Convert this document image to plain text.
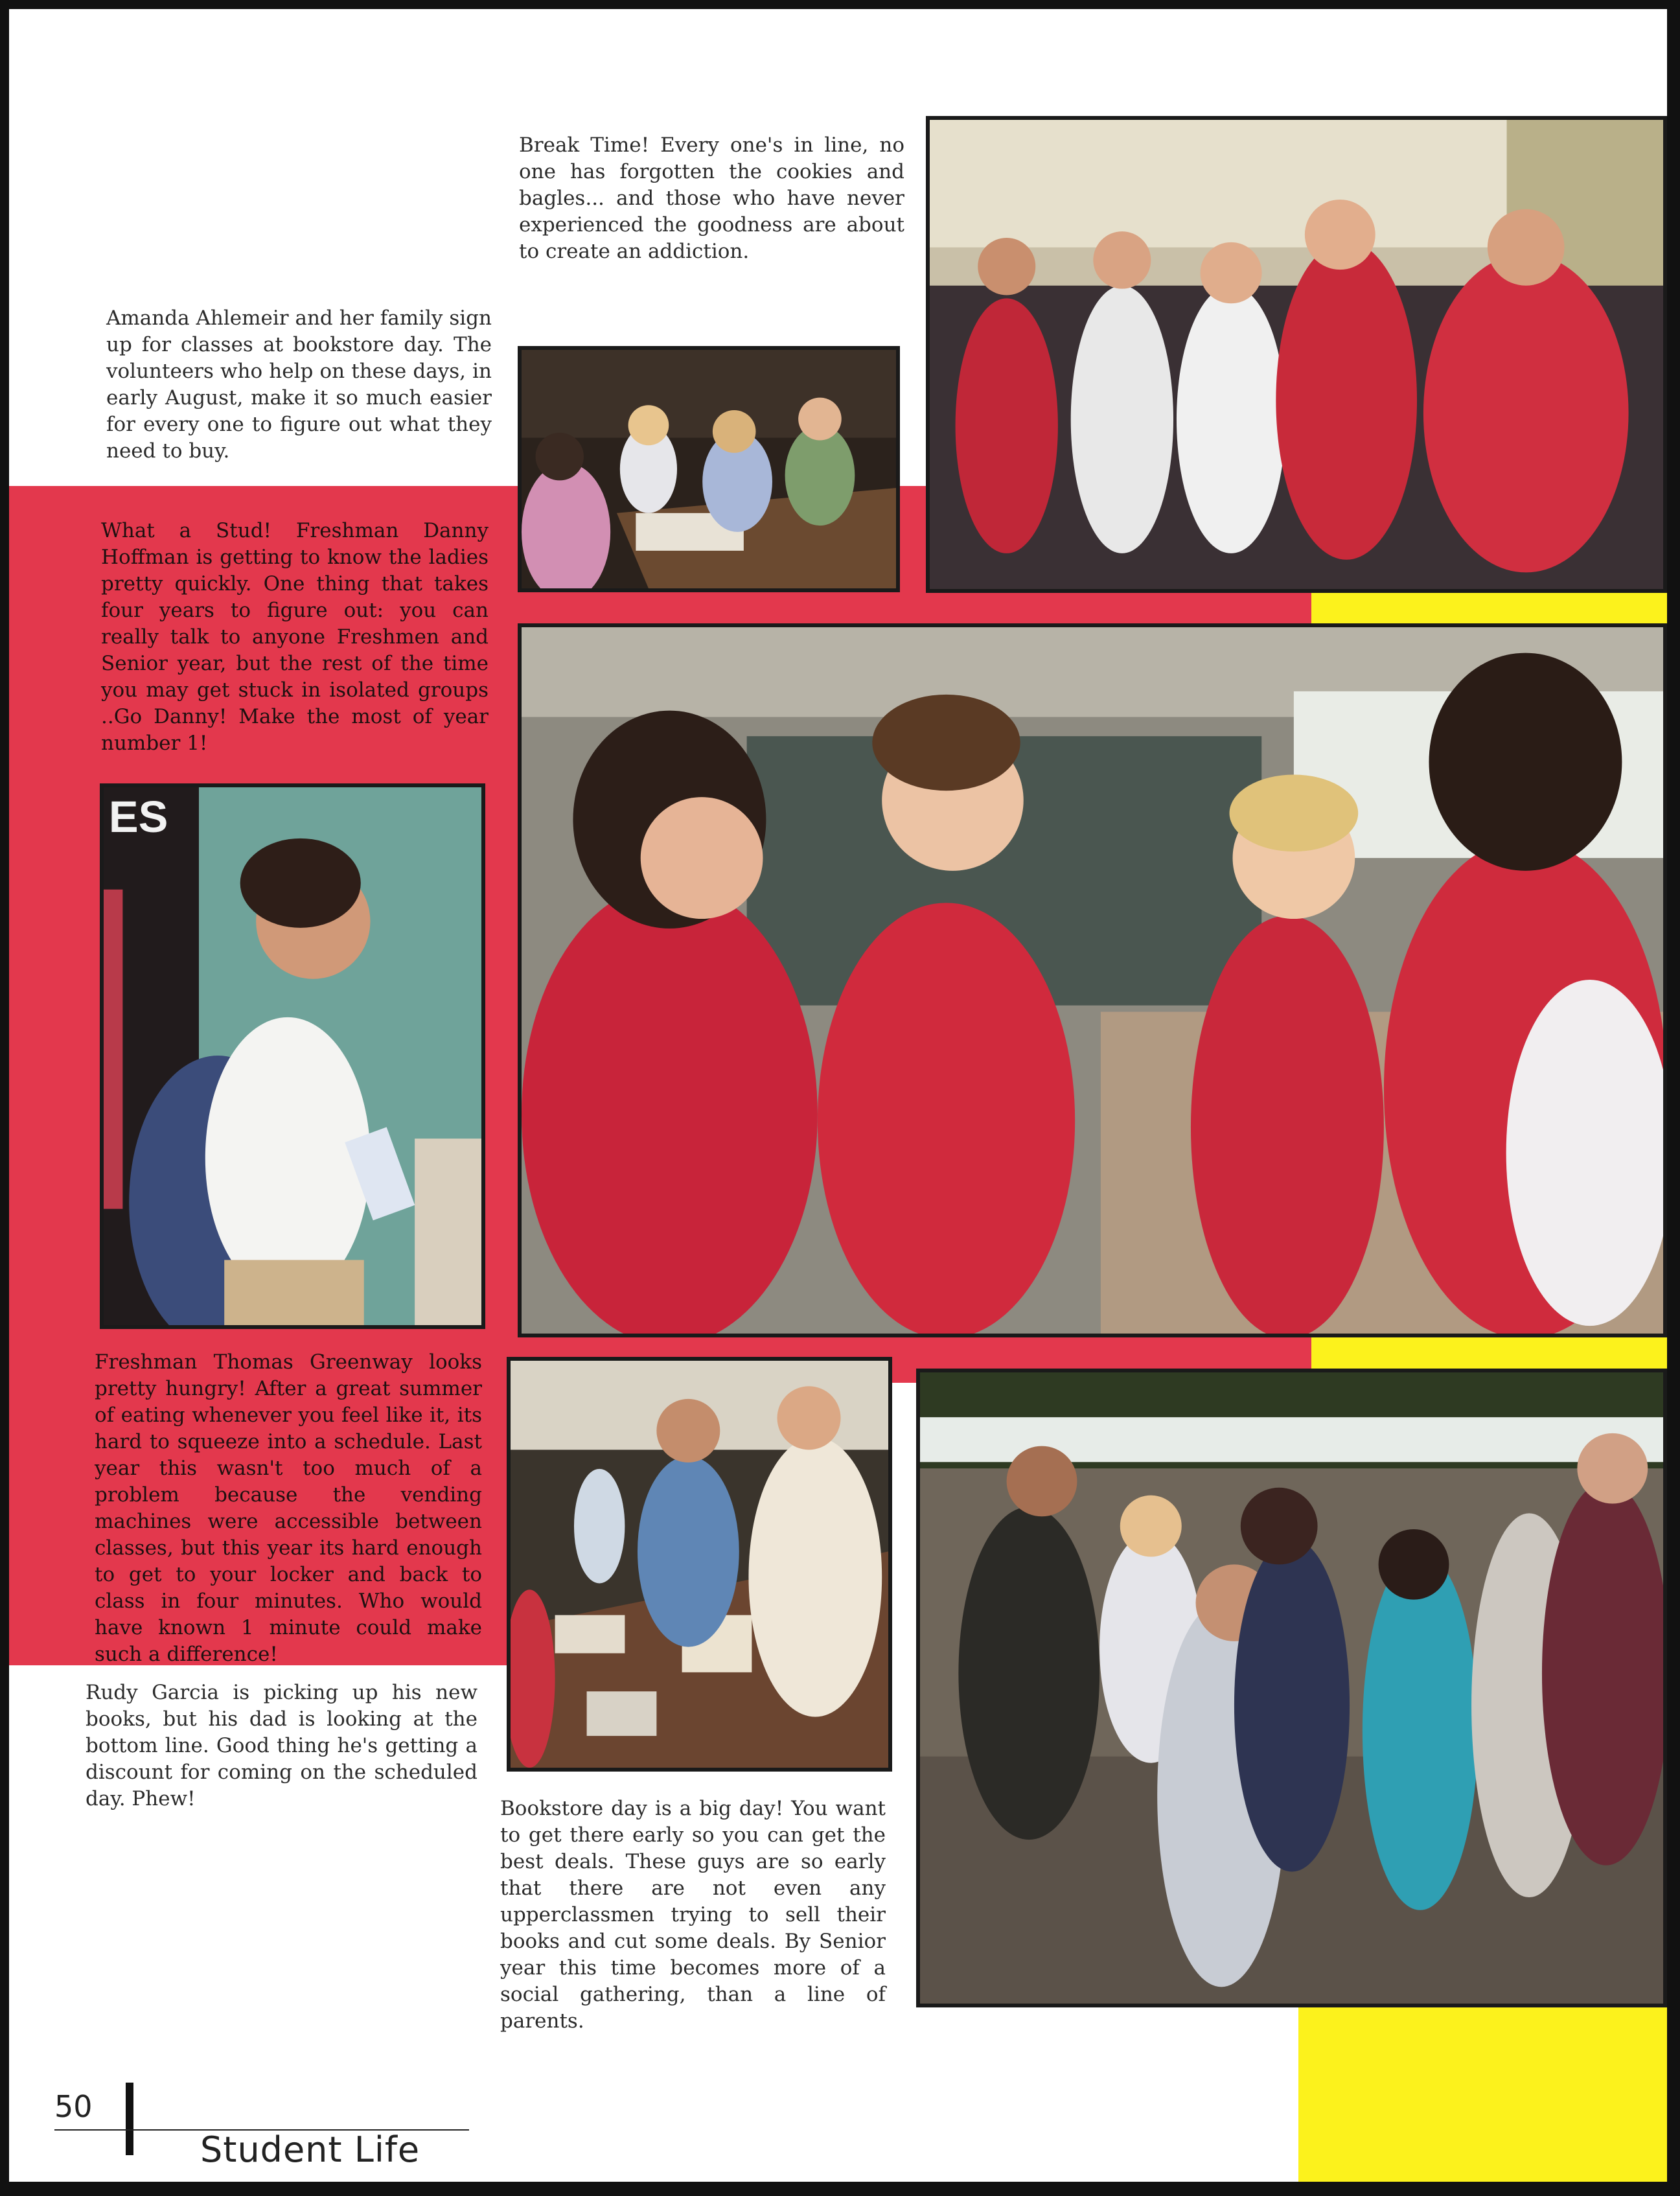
ES

Break Time! Every one's in line, no one has forgotten the cookies and bagles... and those who have never experienced the goodness are about to create an addiction.

Amanda Ahlemeir and her family sign up for classes at bookstore day. The volunteers who help on these days, in early August, make it so much easier for every one to figure out what they need to buy.

What a Stud! Freshman Danny Hoffman is getting to know the ladies pretty quickly. One thing that takes four years to figure out: you can really talk to anyone Freshmen and Senior year, but the rest of the time you may get stuck in isolated groups ..Go Danny! Make the most of year number 1!

Freshman Thomas Greenway looks pretty hungry! After a great summer of eating whenever you feel like it, its hard to squeeze into a schedule. Last year this wasn't too much of a problem because the vending machines were accessible between classes, but this year its hard enough to get to your locker and back to class in four minutes. Who would have known 1 minute could make such a difference!

Rudy Garcia is picking up his new books, but his dad is looking at the bottom line. Good thing he's getting a discount for coming on the scheduled day. Phew!	Bookstore day is a big day! You want to get there early so you can get the best deals. These guys are so early that there are not even any upperclassmen trying to sell their books and cut some deals. By Senior year this time becomes more of a social gathering, than a line of parents.

50
Student Life
